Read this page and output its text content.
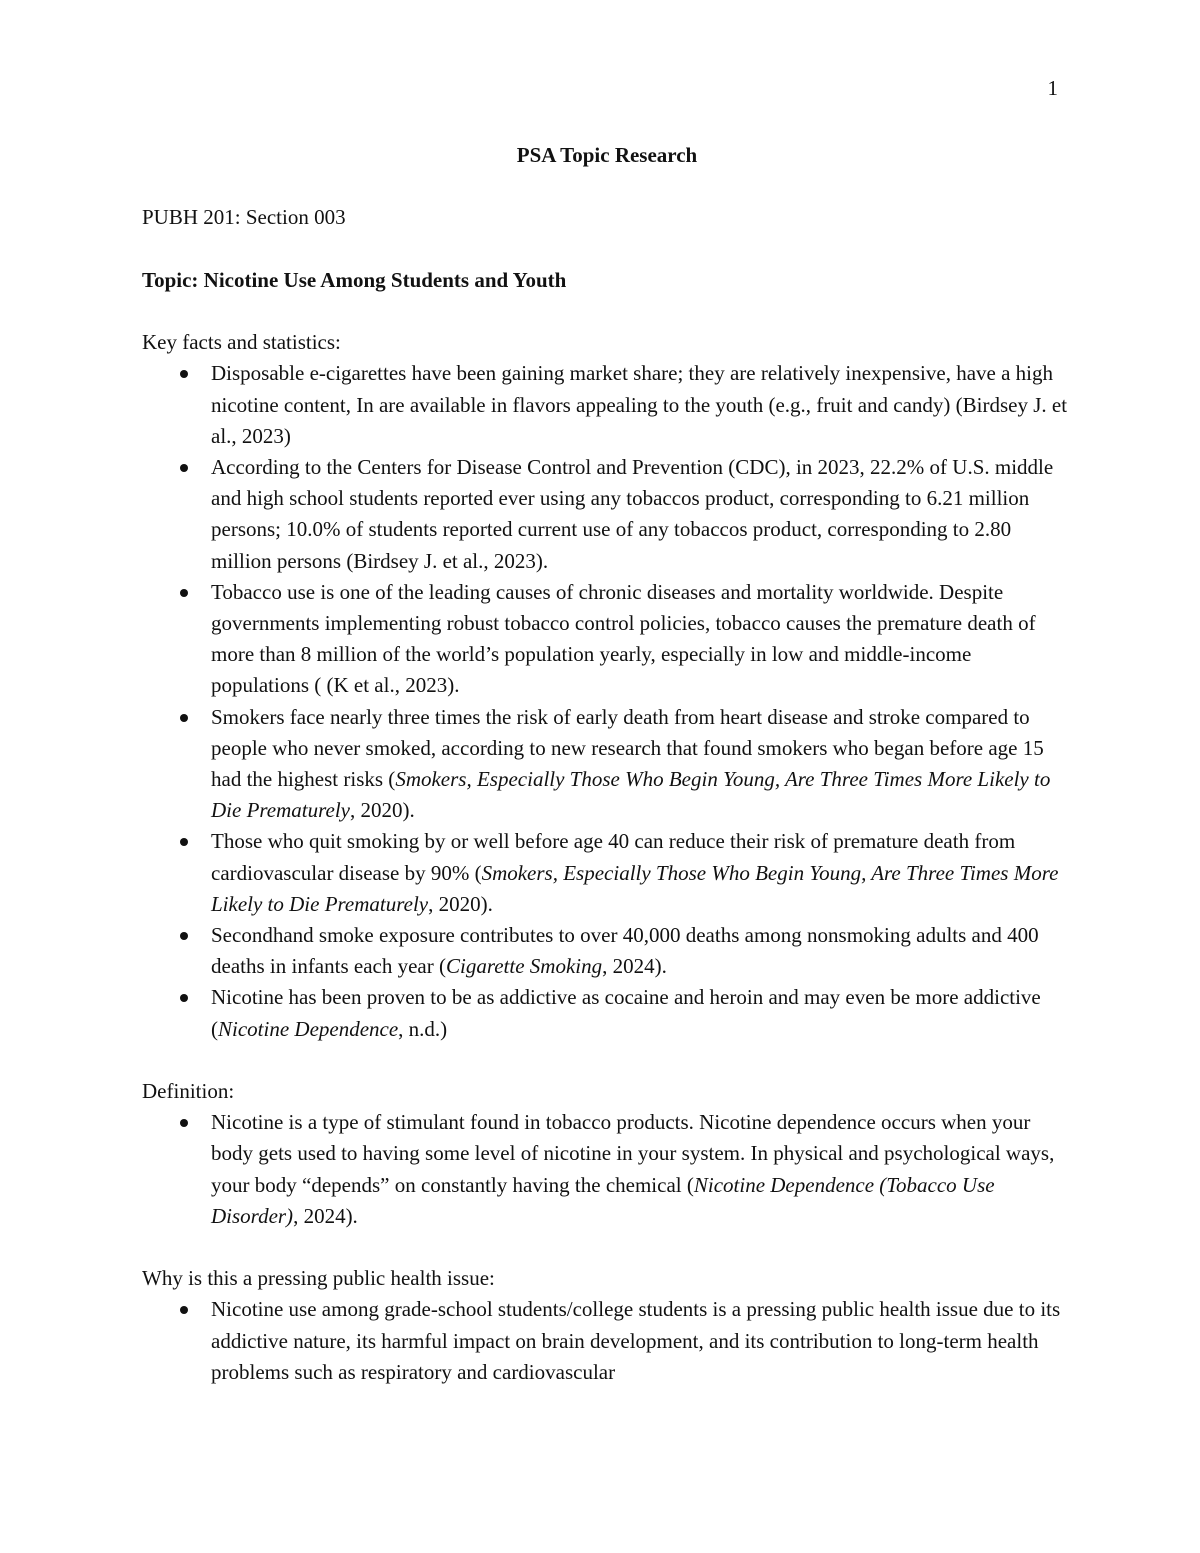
1
PSA Topic Research

PUBH 201: Section 003

Topic: Nicotine Use Among Students and Youth

Key facts and statistics:

Disposable e-cigarettes have been gaining market share; they are relatively inexpensive, have a high nicotine content, In are available in flavors appealing to the youth (e.g., fruit and candy) (Birdsey J. et al., 2023)
According to the Centers for Disease Control and Prevention (CDC), in 2023, 22.2% of U.S. middle and high school students reported ever using any tobaccos product, corresponding to 6.21 million persons; 10.0% of students reported current use of any tobaccos product, corresponding to 2.80 million persons (Birdsey J. et al., 2023).
Tobacco use is one of the leading causes of chronic diseases and mortality worldwide. Despite governments implementing robust tobacco control policies, tobacco causes the premature death of more than 8 million of the world’s population yearly, especially in low and middle-income populations ( (K et al., 2023).
Smokers face nearly three times the risk of early death from heart disease and stroke compared to people who never smoked, according to new research that found smokers who began before age 15 had the highest risks (Smokers, Especially Those Who Begin Young, Are Three Times More Likely to Die Prematurely, 2020).
Those who quit smoking by or well before age 40 can reduce their risk of premature death from cardiovascular disease by 90% (Smokers, Especially Those Who Begin Young, Are Three Times More Likely to Die Prematurely, 2020).
Secondhand smoke exposure contributes to over 40,000 deaths among nonsmoking adults and 400 deaths in infants each year (Cigarette Smoking, 2024).
Nicotine has been proven to be as addictive as cocaine and heroin and may even be more addictive (Nicotine Dependence, n.d.)

Definition:

Nicotine is a type of stimulant found in tobacco products. Nicotine dependence occurs when your body gets used to having some level of nicotine in your system. In physical and psychological ways, your body “depends” on constantly having the chemical (Nicotine Dependence (Tobacco Use Disorder), 2024).

Why is this a pressing public health issue:

Nicotine use among grade-school students/college students is a pressing public health issue due to its addictive nature, its harmful impact on brain development, and its contribution to long-term health problems such as respiratory and cardiovascular
